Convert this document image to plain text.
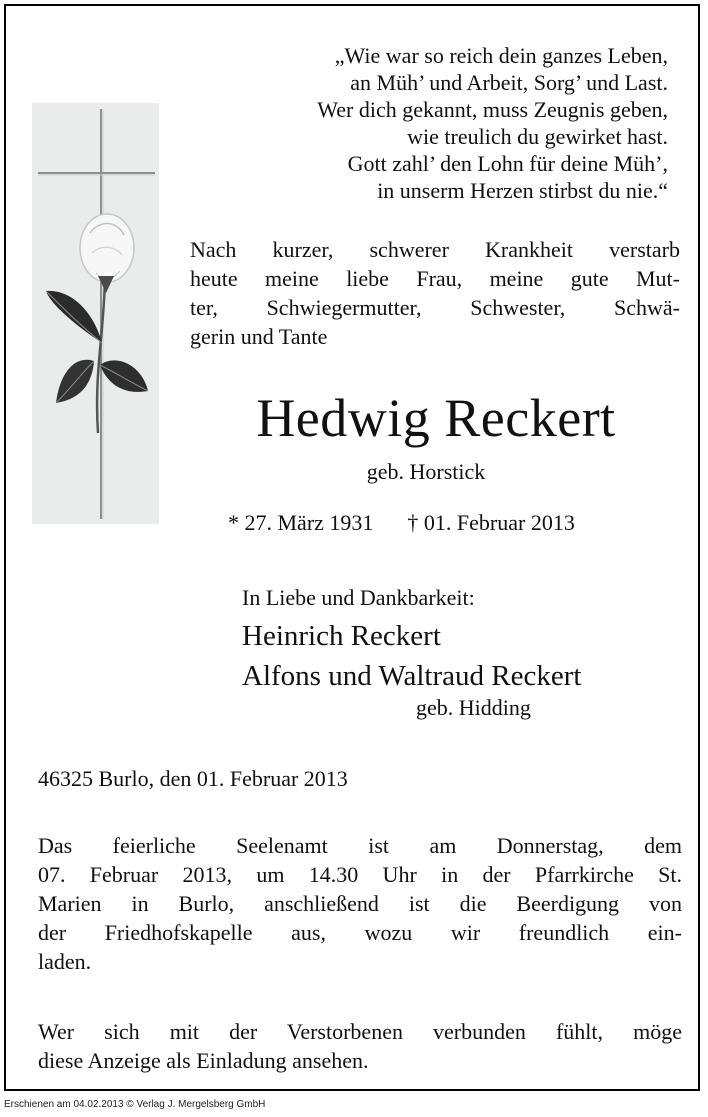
„Wie war so reich dein ganzes Leben,
an Müh’ und Arbeit, Sorg’ und Last.
Wer dich gekannt, muss Zeugnis geben,
wie treulich du gewirket hast.
Gott zahl’ den Lohn für deine Müh’,
in unserm Herzen stirbst du nie.“
Nach kurzer, schwerer Krankheit verstarb
heute meine liebe Frau, meine gute Mut-
ter, Schwiegermutter, Schwester, Schwä-
gerin und Tante
Hedwig Reckert
geb. Horstick
* 27. März 1931 † 01. Februar 2013
In Liebe und Dankbarkeit:
Heinrich Reckert
Alfons und Waltraud Reckert
geb. Hidding
46325 Burlo, den 01. Februar 2013
Das feierliche Seelenamt ist am Donnerstag, dem
07. Februar 2013, um 14.30 Uhr in der Pfarrkirche St.
Marien in Burlo, anschließend ist die Beerdigung von
der Friedhofskapelle aus, wozu wir freundlich ein-
laden.
Wer sich mit der Verstorbenen verbunden fühlt, möge
diese Anzeige als Einladung ansehen.
Erschienen am 04.02.2013 © Verlag J. Mergelsberg GmbH
